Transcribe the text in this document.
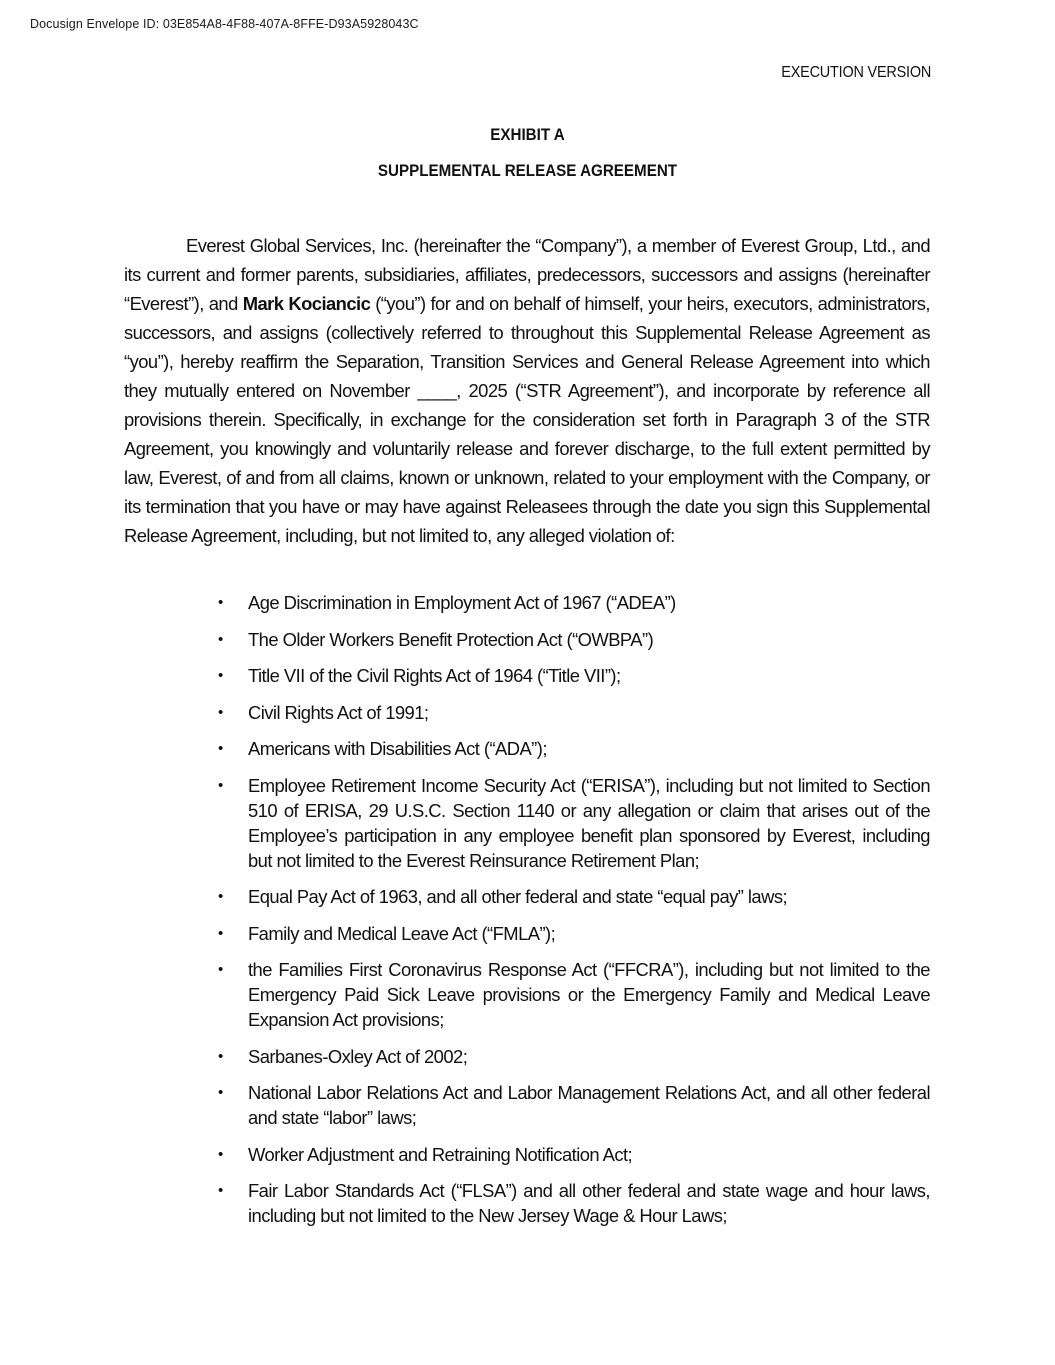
Docusign Envelope ID: 03E854A8-4F88-407A-8FFE-D93A5928043C
EXECUTION VERSION
EXHIBIT A
SUPPLEMENTAL RELEASE AGREEMENT

Everest Global Services, Inc. (hereinafter the “Company”), a member of Everest Group, Ltd., and its current and former parents, subsidiaries, affiliates, predecessors, successors and assigns (hereinafter “Everest”), and Mark Kociancic (“you”) for and on behalf of himself, your heirs, executors, administrators, successors, and assigns (collectively referred to throughout this Supplemental Release Agreement as “you”), hereby reaffirm the Separation, Transition Services and General Release Agreement into which they mutually entered on November ____, 2025 (“STR Agreement”), and incorporate by reference all provisions therein. Specifically, in exchange for the consideration set forth in Paragraph 3 of the STR Agreement, you knowingly and voluntarily release and forever discharge, to the full extent permitted by law, Everest, of and from all claims, known or unknown, related to your employment with the Company, or its termination that you have or may have against Releasees through the date you sign this Supplemental Release Agreement, including, but not limited to, any alleged violation of:

• Age Discrimination in Employment Act of 1967 (“ADEA”)
• The Older Workers Benefit Protection Act (“OWBPA”)
• Title VII of the Civil Rights Act of 1964 (“Title VII”);
• Civil Rights Act of 1991;
• Americans with Disabilities Act (“ADA”);
• Employee Retirement Income Security Act (“ERISA”), including but not limited to Section 510 of ERISA, 29 U.S.C. Section 1140 or any allegation or claim that arises out of the Employee’s participation in any employee benefit plan sponsored by Everest, including but not limited to the Everest Reinsurance Retirement Plan;
• Equal Pay Act of 1963, and all other federal and state “equal pay” laws;
• Family and Medical Leave Act (“FMLA”);
• the Families First Coronavirus Response Act (“FFCRA”), including but not limited to the Emergency Paid Sick Leave provisions or the Emergency Family and Medical Leave Expansion Act provisions;
• Sarbanes-Oxley Act of 2002;
• National Labor Relations Act and Labor Management Relations Act, and all other federal and state “labor” laws;
• Worker Adjustment and Retraining Notification Act;
• Fair Labor Standards Act (“FLSA”) and all other federal and state wage and hour laws, including but not limited to the New Jersey Wage & Hour Laws;
